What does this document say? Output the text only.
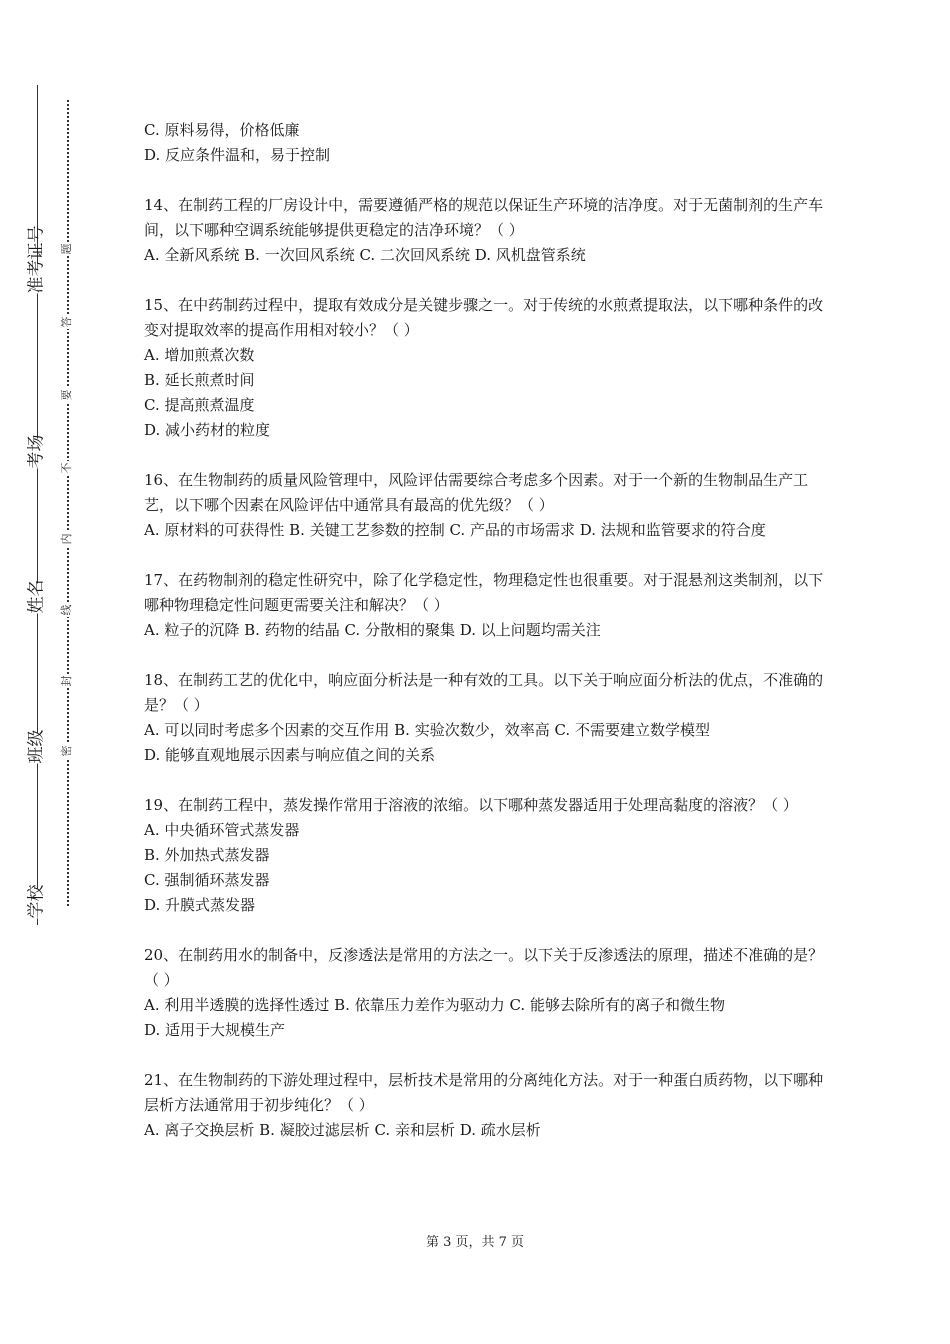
准考证号
考场
姓名
班级
学校
题
答
要
不
内
线
封
密
C. 原料易得，价格低廉
D. 反应条件温和，易于控制

14、在制药工程的厂房设计中，需要遵循严格的规范以保证生产环境的洁净度。对于无菌制剂的生产车间，以下哪种空调系统能够提供更稳定的洁净环境？（ ）

A. 全新风系统 B. 一次回风系统 C. 二次回风系统 D. 风机盘管系统

15、在中药制药过程中，提取有效成分是关键步骤之一。对于传统的水煎煮提取法，以下哪种条件的改变对提取效率的提高作用相对较小？（ ）

A. 增加煎煮次数
B. 延长煎煮时间
C. 提高煎煮温度
D. 减小药材的粒度

16、在生物制药的质量风险管理中，风险评估需要综合考虑多个因素。对于一个新的生物制品生产工艺，以下哪个因素在风险评估中通常具有最高的优先级？（ ）

A. 原材料的可获得性 B. 关键工艺参数的控制 C. 产品的市场需求 D. 法规和监管要求的符合度

17、在药物制剂的稳定性研究中，除了化学稳定性，物理稳定性也很重要。对于混悬剂这类制剂，以下哪种物理稳定性问题更需要关注和解决？（ ）

A. 粒子的沉降 B. 药物的结晶 C. 分散相的聚集 D. 以上问题均需关注

18、在制药工艺的优化中，响应面分析法是一种有效的工具。以下关于响应面分析法的优点，不准确的是？（ ）

A. 可以同时考虑多个因素的交互作用 B. 实验次数少，效率高 C. 不需要建立数学模型
D. 能够直观地展示因素与响应值之间的关系

19、在制药工程中，蒸发操作常用于溶液的浓缩。以下哪种蒸发器适用于处理高黏度的溶液？（ ）

A. 中央循环管式蒸发器
B. 外加热式蒸发器
C. 强制循环蒸发器
D. 升膜式蒸发器

20、在制药用水的制备中，反渗透法是常用的方法之一。以下关于反渗透法的原理，描述不准确的是？（ ）

A. 利用半透膜的选择性透过 B. 依靠压力差作为驱动力 C. 能够去除所有的离子和微生物
D. 适用于大规模生产

21、在生物制药的下游处理过程中，层析技术是常用的分离纯化方法。对于一种蛋白质药物，以下哪种层析方法通常用于初步纯化？（ ）

A. 离子交换层析 B. 凝胶过滤层析 C. 亲和层析 D. 疏水层析
第 3 页，共 7 页
